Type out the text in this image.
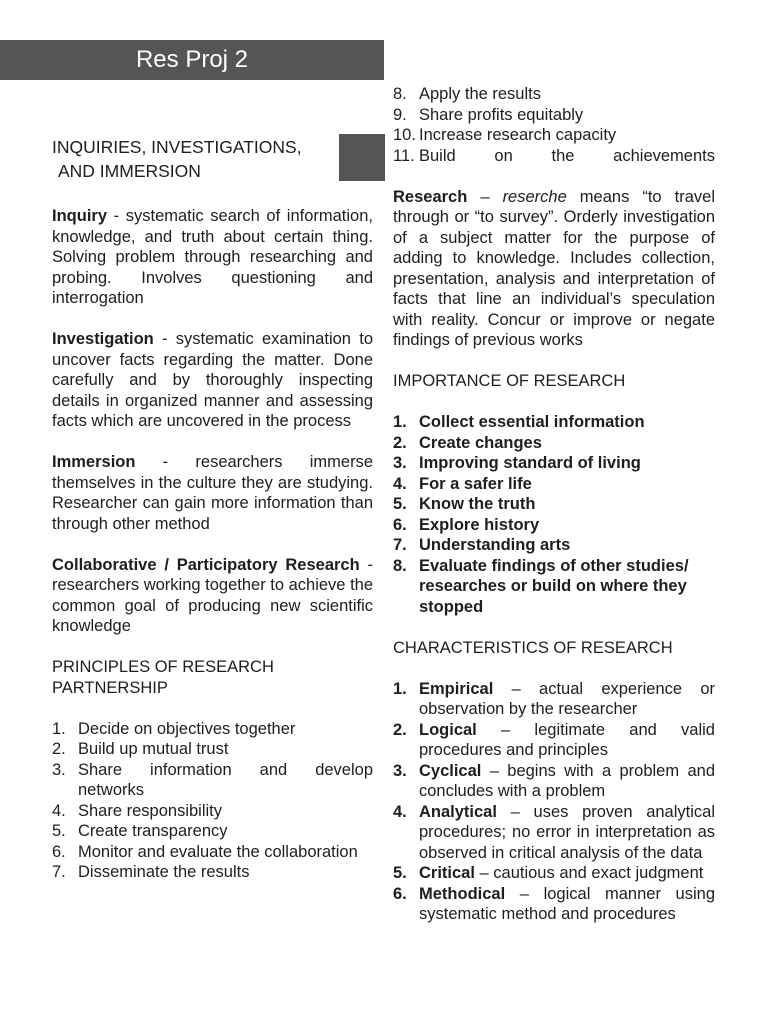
Res Proj 2
INQUIRIES, INVESTIGATIONS,
AND IMMERSION

Inquiry - systematic search of information, knowledge, and truth about certain thing. Solving problem through researching and probing. Involves questioning and interrogation

Investigation - systematic examination to uncover facts regarding the matter. Done carefully and by thoroughly inspecting details in organized manner and assessing facts which are uncovered in the process

Immersion - researchers immerse themselves in the culture they are studying. Researcher can gain more information than through other method

Collaborative / Participatory Research - researchers working together to achieve the common goal of producing new scientific knowledge

PRINCIPLES OF RESEARCH PARTNERSHIP
1. Decide on objectives together
2. Build up mutual trust
3. Share information and develop networks
4. Share responsibility
5. Create transparency
6. Monitor and evaluate the collaboration
7. Disseminate the results
8. Apply the results
9. Share profits equitably
10. Increase research capacity
11. Build on the achievements

Research – reserche means “to travel through or “to survey”. Orderly investigation of a subject matter for the purpose of adding to knowledge. Includes collection, presentation, analysis and interpretation of facts that line an individual’s speculation with reality. Concur or improve or negate findings of previous works

IMPORTANCE OF RESEARCH
1. Collect essential information
2. Create changes
3. Improving standard of living
4. For a safer life
5. Know the truth
6. Explore history
7. Understanding arts
8. Evaluate findings of other studies/ researches or build on where they stopped
CHARACTERISTICS OF RESEARCH
1. Empirical – actual experience or observation by the researcher
2. Logical – legitimate and valid procedures and principles
3. Cyclical – begins with a problem and concludes with a problem
4. Analytical – uses proven analytical procedures; no error in interpretation as observed in critical analysis of the data
5. Critical – cautious and exact judgment
6. Methodical – logical manner using systematic method and procedures
